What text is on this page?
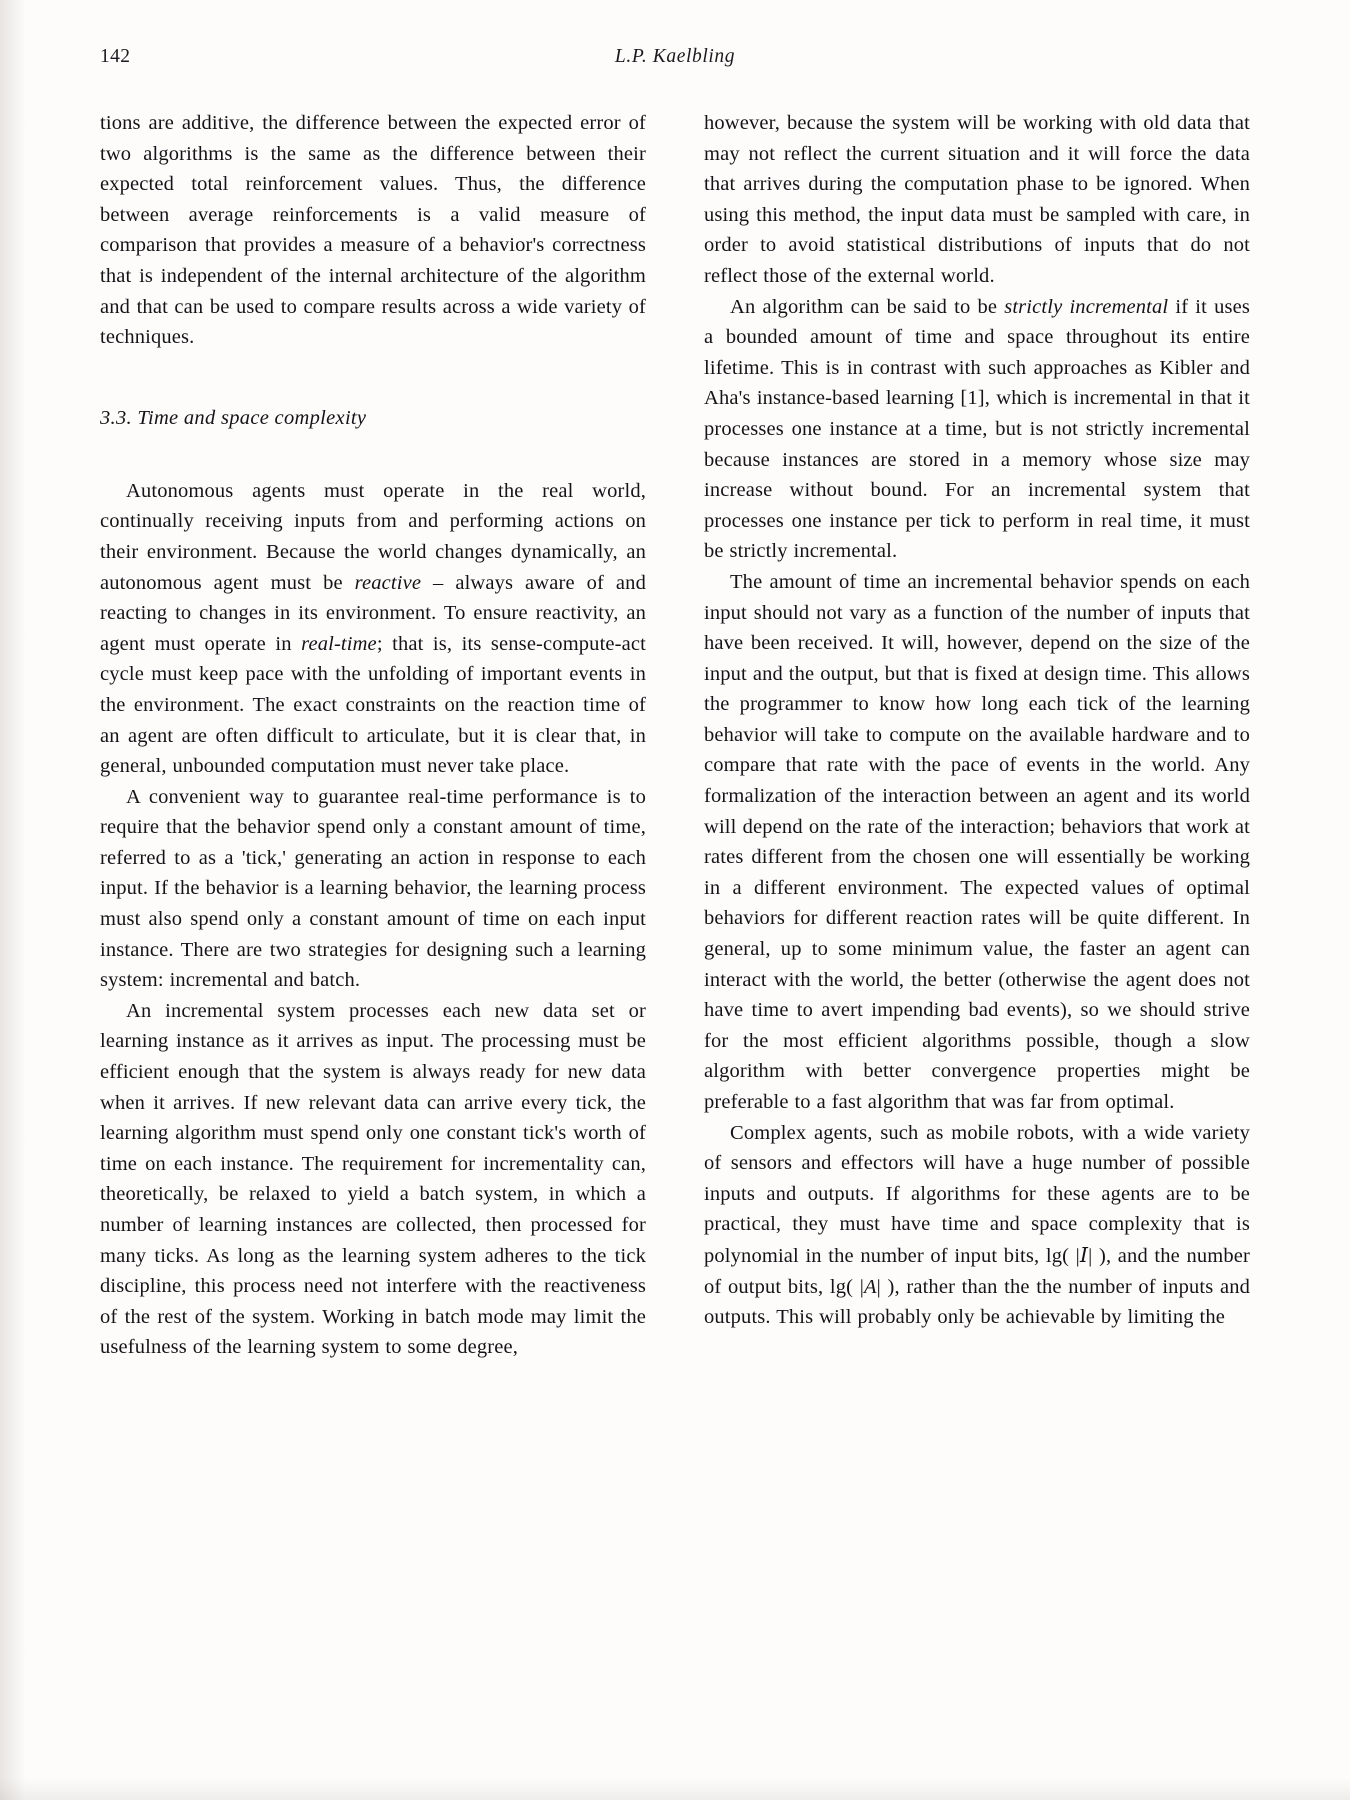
142	L.P. Kaelbling

tions are additive, the difference between the expected error of two algorithms is the same as the difference between their expected total reinforcement values. Thus, the difference between average reinforcements is a valid measure of comparison that provides a measure of a behavior's correctness that is independent of the internal architecture of the algorithm and that can be used to compare results across a wide variety of techniques.

3.3. Time and space complexity

Autonomous agents must operate in the real world, continually receiving inputs from and performing actions on their environment. Because the world changes dynamically, an autonomous agent must be reactive – always aware of and reacting to changes in its environment. To ensure reactivity, an agent must operate in real-time; that is, its sense-compute-act cycle must keep pace with the unfolding of important events in the environment. The exact constraints on the reaction time of an agent are often difficult to articulate, but it is clear that, in general, unbounded computation must never take place.

A convenient way to guarantee real-time performance is to require that the behavior spend only a constant amount of time, referred to as a 'tick,' generating an action in response to each input. If the behavior is a learning behavior, the learning process must also spend only a constant amount of time on each input instance. There are two strategies for designing such a learning system: incremental and batch.

An incremental system processes each new data set or learning instance as it arrives as input. The processing must be efficient enough that the system is always ready for new data when it arrives. If new relevant data can arrive every tick, the learning algorithm must spend only one constant tick's worth of time on each instance. The requirement for incrementality can, theoretically, be relaxed to yield a batch system, in which a number of learning instances are collected, then processed for many ticks. As long as the learning system adheres to the tick discipline, this process need not interfere with the reactiveness of the rest of the system. Working in batch mode may limit the usefulness of the learning system to some degree,

however, because the system will be working with old data that may not reflect the current situation and it will force the data that arrives during the computation phase to be ignored. When using this method, the input data must be sampled with care, in order to avoid statistical distributions of inputs that do not reflect those of the external world.

An algorithm can be said to be strictly incremental if it uses a bounded amount of time and space throughout its entire lifetime. This is in contrast with such approaches as Kibler and Aha's instance-based learning [1], which is incremental in that it processes one instance at a time, but is not strictly incremental because instances are stored in a memory whose size may increase without bound. For an incremental system that processes one instance per tick to perform in real time, it must be strictly incremental.

The amount of time an incremental behavior spends on each input should not vary as a function of the number of inputs that have been received. It will, however, depend on the size of the input and the output, but that is fixed at design time. This allows the programmer to know how long each tick of the learning behavior will take to compute on the available hardware and to compare that rate with the pace of events in the world. Any formalization of the interaction between an agent and its world will depend on the rate of the interaction; behaviors that work at rates different from the chosen one will essentially be working in a different environment. The expected values of optimal behaviors for different reaction rates will be quite different. In general, up to some minimum value, the faster an agent can interact with the world, the better (otherwise the agent does not have time to avert impending bad events), so we should strive for the most efficient algorithms possible, though a slow algorithm with better convergence properties might be preferable to a fast algorithm that was far from optimal.

Complex agents, such as mobile robots, with a wide variety of sensors and effectors will have a huge number of possible inputs and outputs. If algorithms for these agents are to be practical, they must have time and space complexity that is polynomial in the number of input bits, lg( |I| ), and the number of output bits, lg( |A| ), rather than the the number of inputs and outputs. This will probably only be achievable by limiting the
